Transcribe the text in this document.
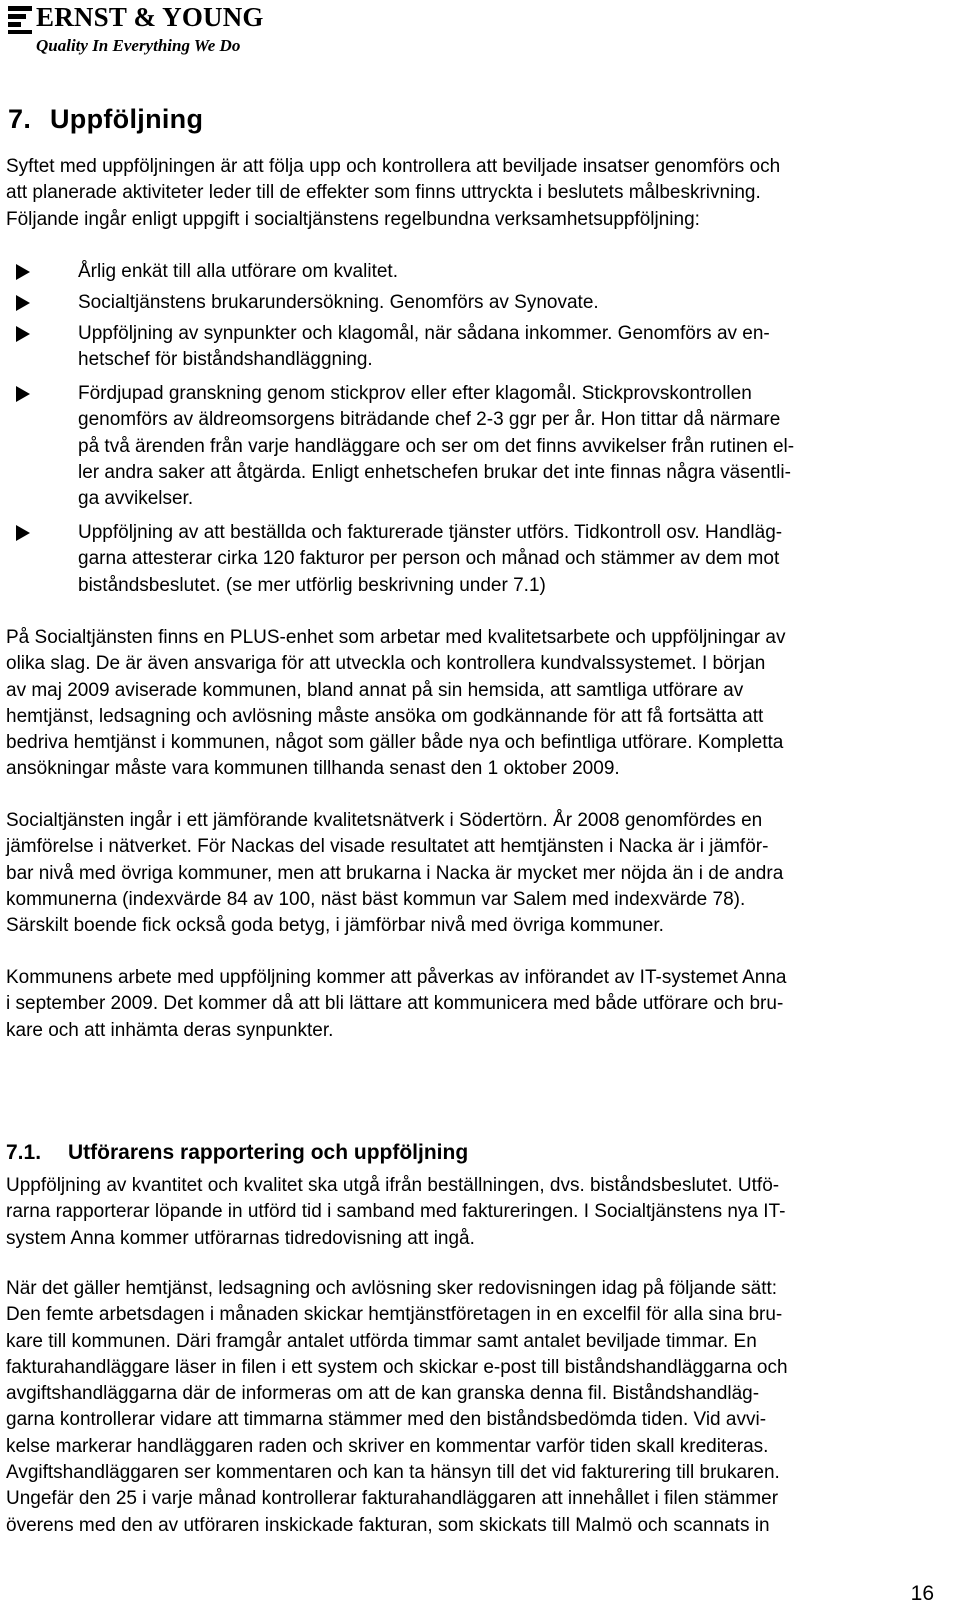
ERNST & YOUNG
Quality In Everything We Do
7. Uppföljning
Syftet med uppföljningen är att följa upp och kontrollera att beviljade insatser genomförs och
att planerade aktiviteter leder till de effekter som finns uttryckta i beslutets målbeskrivning.
Följande ingår enligt uppgift i socialtjänstens regelbundna verksamhetsuppföljning:
Årlig enkät till alla utförare om kvalitet.
Socialtjänstens brukarundersökning. Genomförs av Synovate.
Uppföljning av synpunkter och klagomål, när sådana inkommer. Genomförs av en-
hetschef för biståndshandläggning.
Fördjupad granskning genom stickprov eller efter klagomål. Stickprovskontrollen
genomförs av äldreomsorgens biträdande chef 2-3 ggr per år. Hon tittar då närmare
på två ärenden från varje handläggare och ser om det finns avvikelser från rutinen el-
ler andra saker att åtgärda. Enligt enhetschefen brukar det inte finnas några väsentli-
ga avvikelser.
Uppföljning av att beställda och fakturerade tjänster utförs. Tidkontroll osv. Handläg-
garna attesterar cirka 120 fakturor per person och månad och stämmer av dem mot
biståndsbeslutet. (se mer utförlig beskrivning under 7.1)
På Socialtjänsten finns en PLUS-enhet som arbetar med kvalitetsarbete och uppföljningar av
olika slag. De är även ansvariga för att utveckla och kontrollera kundvalssystemet. I början
av maj 2009 aviserade kommunen, bland annat på sin hemsida, att samtliga utförare av
hemtjänst, ledsagning och avlösning måste ansöka om godkännande för att få fortsätta att
bedriva hemtjänst i kommunen, något som gäller både nya och befintliga utförare. Kompletta
ansökningar måste vara kommunen tillhanda senast den 1 oktober 2009.
Socialtjänsten ingår i ett jämförande kvalitetsnätverk i Södertörn. År 2008 genomfördes en
jämförelse i nätverket. För Nackas del visade resultatet att hemtjänsten i Nacka är i jämför-
bar nivå med övriga kommuner, men att brukarna i Nacka är mycket mer nöjda än i de andra
kommunerna (indexvärde 84 av 100, näst bäst kommun var Salem med indexvärde 78).
Särskilt boende fick också goda betyg, i jämförbar nivå med övriga kommuner.
Kommunens arbete med uppföljning kommer att påverkas av införandet av IT-systemet Anna
i september 2009. Det kommer då att bli lättare att kommunicera med både utförare och bru-
kare och att inhämta deras synpunkter.
7.1. Utförarens rapportering och uppföljning
Uppföljning av kvantitet och kvalitet ska utgå ifrån beställningen, dvs. biståndsbeslutet. Utfö-
rarna rapporterar löpande in utförd tid i samband med faktureringen. I Socialtjänstens nya IT-
system Anna kommer utförarnas tidredovisning att ingå.
När det gäller hemtjänst, ledsagning och avlösning sker redovisningen idag på följande sätt:
Den femte arbetsdagen i månaden skickar hemtjänstföretagen in en excelfil för alla sina bru-
kare till kommunen. Däri framgår antalet utförda timmar samt antalet beviljade timmar. En
fakturahandläggare läser in filen i ett system och skickar e-post till biståndshandläggarna och
avgiftshandläggarna där de informeras om att de kan granska denna fil. Biståndshandläg-
garna kontrollerar vidare att timmarna stämmer med den biståndsbedömda tiden. Vid avvi-
kelse markerar handläggaren raden och skriver en kommentar varför tiden skall krediteras.
Avgiftshandläggaren ser kommentaren och kan ta hänsyn till det vid fakturering till brukaren.
Ungefär den 25 i varje månad kontrollerar fakturahandläggaren att innehållet i filen stämmer
överens med den av utföraren inskickade fakturan, som skickats till Malmö och scannats in
16
